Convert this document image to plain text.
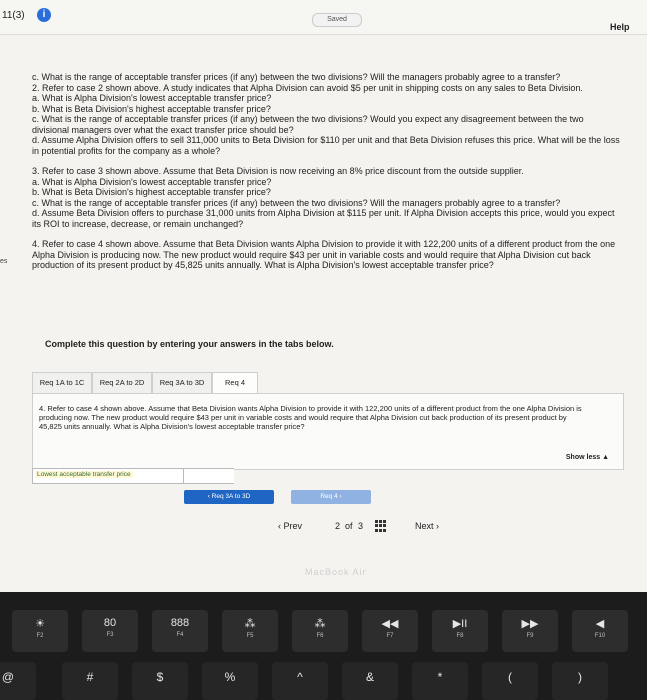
11(3)	i	Saved
Help
es

c. What is the range of acceptable transfer prices (if any) between the two divisions? Will the managers probably agree to a transfer?

2. Refer to case 2 shown above. A study indicates that Alpha Division can avoid $5 per unit in shipping costs on any sales to Beta Division.

a. What is Alpha Division's lowest acceptable transfer price?

b. What is Beta Division's highest acceptable transfer price?

c. What is the range of acceptable transfer prices (if any) between the two divisions? Would you expect any disagreement between the two divisional managers over what the exact transfer price should be?

d. Assume Alpha Division offers to sell 311,000 units to Beta Division for $110 per unit and that Beta Division refuses this price. What will be the loss in potential profits for the company as a whole?

3. Refer to case 3 shown above. Assume that Beta Division is now receiving an 8% price discount from the outside supplier.

a. What is Alpha Division's lowest acceptable transfer price?

b. What is Beta Division's highest acceptable transfer price?

c. What is the range of acceptable transfer prices (if any) between the two divisions? Will the managers probably agree to a transfer?

d. Assume Beta Division offers to purchase 31,000 units from Alpha Division at $115 per unit. If Alpha Division accepts this price, would you expect its ROI to increase, decrease, or remain unchanged?

4. Refer to case 4 shown above. Assume that Beta Division wants Alpha Division to provide it with 122,200 units of a different product from the one Alpha Division is producing now. The new product would require $43 per unit in variable costs and would require that Alpha Division cut back production of its present product by 45,825 units annually. What is Alpha Division's lowest acceptable transfer price?

Complete this question by entering your answers in the tabs below.
Req 1A to 1C	Req 2A to 2D	Req 3A to 3D	Req 4
4. Refer to case 4 shown above. Assume that Beta Division wants Alpha Division to provide it with 122,200 units of a different product from the one Alpha Division is producing now. The new product would require $43 per unit in variable costs and would require that Alpha Division cut back production of its present product by 45,825 units annually. What is Alpha Division's lowest acceptable transfer price?
Show less ▲
Lowest acceptable transfer price
‹ Req 3A to 3D	Req 4 ›
‹ Prev	2 of 3	Next ›
MacBook Air
☀
F2
80
F3
888
F4
⁂
F5
⁂
F6
◀◀
F7
▶II
F8
▶▶
F9
◀
F10
@	#	$	%	^	&	*	(	)
